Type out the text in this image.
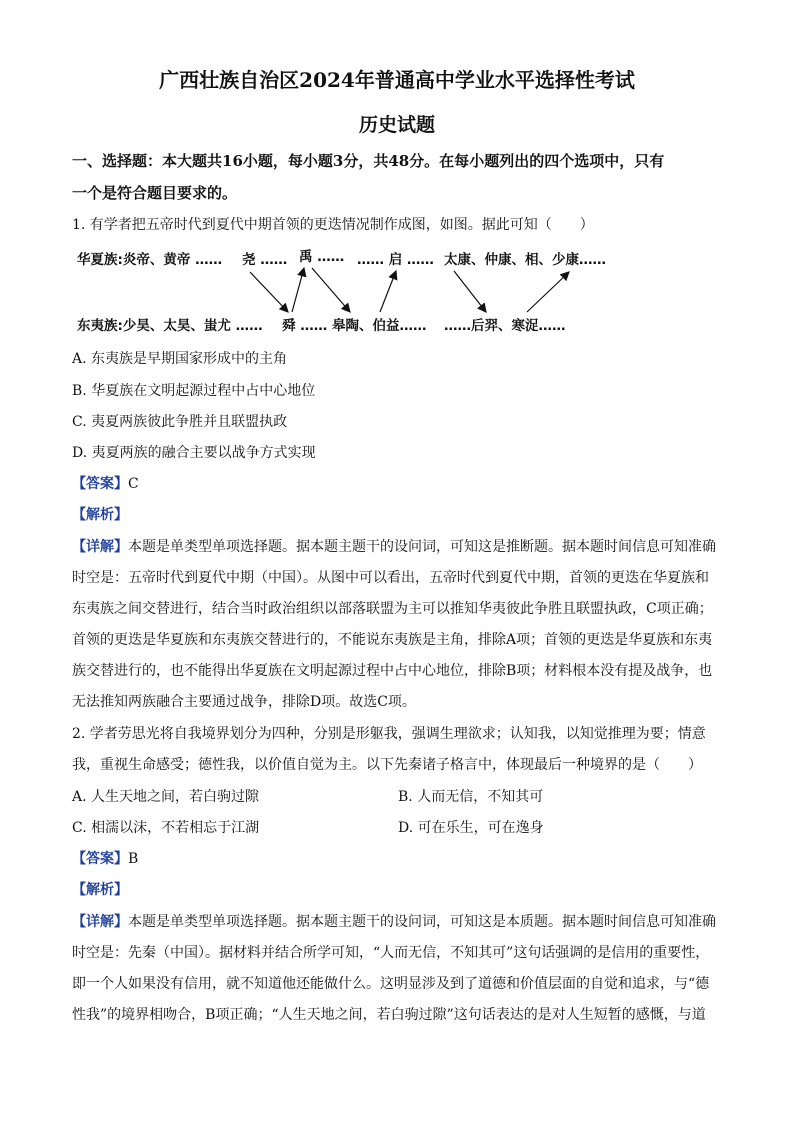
广西壮族自治区2024年普通高中学业水平选择性考试
历史试题
一、选择题：本大题共16小题，每小题3分，共48分。在每小题列出的四个选项中，只有
一个是符合题目要求的。
1. 有学者把五帝时代到夏代中期首领的更迭情况制作成图，如图。据此可知（　　）
华夏族:炎帝、黄帝 …… 尧 …… 禹 …… …… 启 …… 太康、仲康、相、少康……
东夷族:少昊、太昊、蚩尤 …… 舜 …… 皋陶、伯益…… ……后羿、寒浞……
A. 东夷族是早期国家形成中的主角
B. 华夏族在文明起源过程中占中心地位
C. 夷夏两族彼此争胜并且联盟执政
D. 夷夏两族的融合主要以战争方式实现
【答案】C
【解析】
【详解】本题是单类型单项选择题。据本题主题干的设问词，可知这是推断题。据本题时间信息可知准确
时空是：五帝时代到夏代中期（中国）。从图中可以看出，五帝时代到夏代中期，首领的更迭在华夏族和
东夷族之间交替进行，结合当时政治组织以部落联盟为主可以推知华夷彼此争胜且联盟执政，C项正确；
首领的更迭是华夏族和东夷族交替进行的，不能说东夷族是主角，排除A项；首领的更迭是华夏族和东夷
族交替进行的，也不能得出华夏族在文明起源过程中占中心地位，排除B项；材料根本没有提及战争，也
无法推知两族融合主要通过战争，排除D项。故选C项。
2. 学者劳思光将自我境界划分为四种，分别是形躯我，强调生理欲求；认知我，以知觉推理为要；情意
我，重视生命感受；德性我，以价值自觉为主。以下先秦诸子格言中，体现最后一种境界的是（　　）
A. 人生天地之间，若白驹过隙	B. 人而无信，不知其可
C. 相濡以沫，不若相忘于江湖	D. 可在乐生，可在逸身
【答案】B
【解析】
【详解】本题是单类型单项选择题。据本题主题干的设问词，可知这是本质题。据本题时间信息可知准确
时空是：先秦（中国）。据材料并结合所学可知，“人而无信，不知其可”这句话强调的是信用的重要性，
即一个人如果没有信用，就不知道他还能做什么。这明显涉及到了道德和价值层面的自觉和追求，与“德
性我”的境界相吻合，B项正确；“人生天地之间，若白驹过隙”这句话表达的是对人生短暂的感慨，与道
